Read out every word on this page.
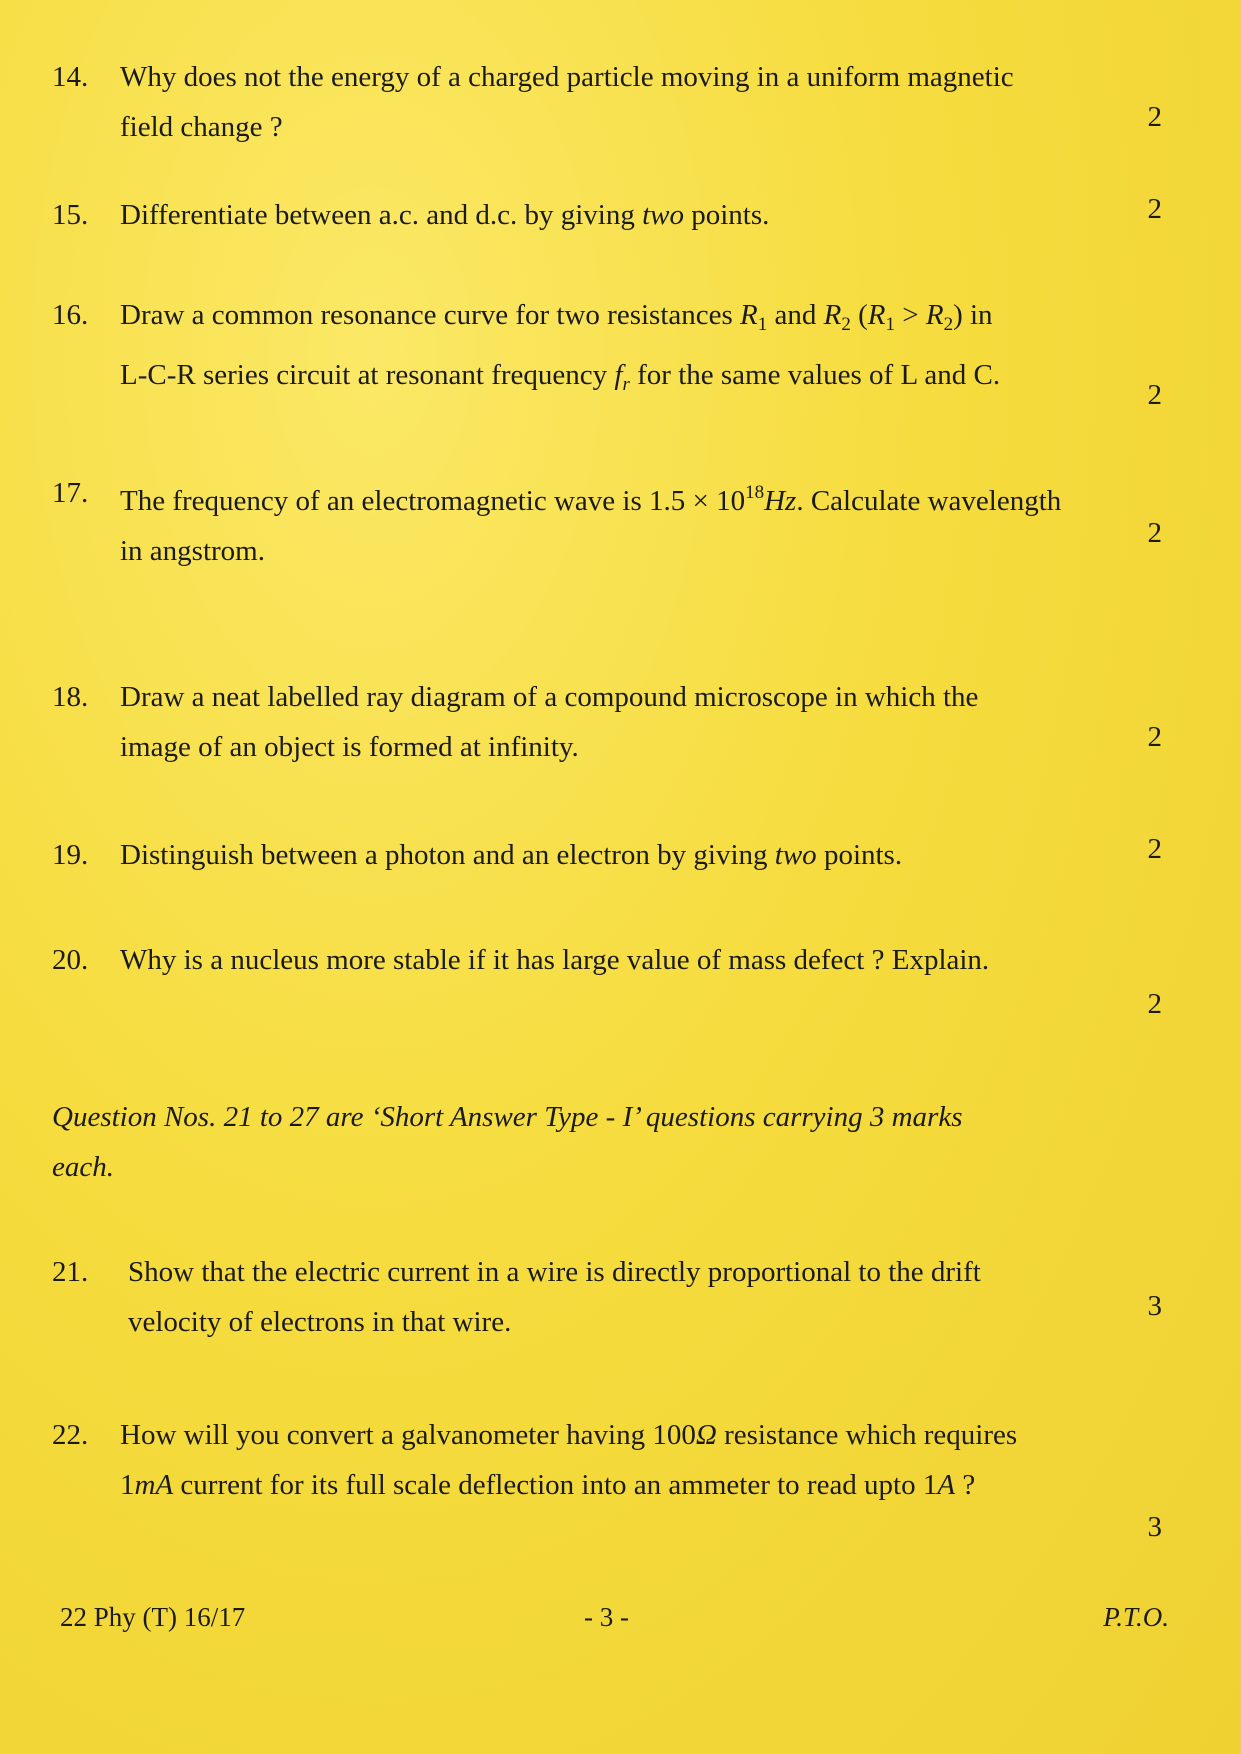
14.	Why does not the energy of a charged particle moving in a uniform magnetic
field change ?	2
15.	Differentiate between a.c. and d.c. by giving two points.	2
16.	Draw a common resonance curve for two resistances $R_1$ and $R_2$ $(R_1 > R_2)$ in
L-C-R series circuit at resonant frequency $f_r$ for the same values of L and C.
2
17.	The frequency of an electromagnetic wave is $1.5 \times 10^{18}Hz$. Calculate wavelength
in angstrom.
2
18.	Draw a neat labelled ray diagram of a compound microscope in which the
image of an object is formed at infinity.	2
19.	Distinguish between a photon and an electron by giving two points.	2
20.	Why is a nucleus more stable if it has large value of mass defect ? Explain.
2
Question Nos. 21 to 27 are ‘Short Answer Type - I’ questions carrying 3 marks
each.
21.	Show that the electric current in a wire is directly proportional to the drift
velocity of electrons in that wire.	3
22.	How will you convert a galvanometer having 100Ω resistance which requires
1mA current for its full scale deflection into an ammeter to read upto 1A ?
3
22 Phy (T) 16/17	- 3 -	P.T.O.
